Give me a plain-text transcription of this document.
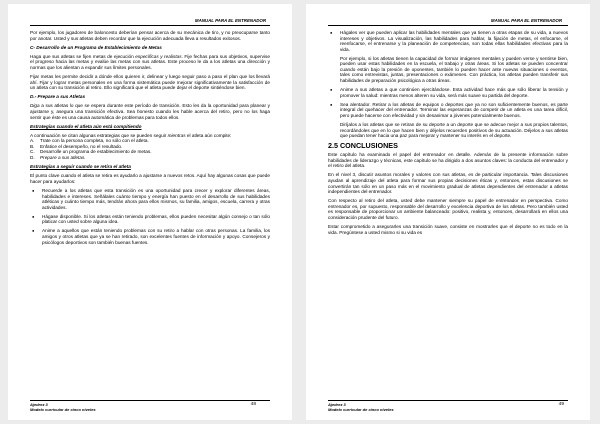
MANUAL PARA EL ENTRENADOR

Por ejemplo, los jugadores de baloncesto deberían pensar acerca de su mecánica de tiro, y no preocuparse tanto por anotar. Usted y sus atletas deben recordar que la ejecución adecuada lleva a resultados exitosos.

C- Desarrollo de un Programa de Establecimiento de Metas

Haga que sus atletas se fijen metas de ejecución específicas y realistas. Fije fechas para sus objetivos, supervise el progreso hacia las metas y evalúe las metas con sus atletas. Este proceso le da a los atletas una dirección y normas que los alientan a expandir sus límites personales.

Fijar metas les permite decidir a dónde ellos quieren ir, delinear y luego seguir paso a paso el plan que los llevará ahí. Fijar y lograr metas personales en una forma sistemática puede mejorar significativamente la satisfacción de un atleta con su transición al retiro. Ello significará que el atleta puede dejar el deporte sintiéndose bien.

D.- Prepare a sus Atletas

Diga a sus atletas lo que se espera durante este período de transición. Esto les da la oportunidad para planear y ajustarse y, asegura una transición efectiva. Sea honesto cuando les hable acerca del retiro, pero no los haga sentir que éste es una causa automática de problemas para todos ellos.

Estrategias cuando el atleta aún está compitiendo

A continuación se citan algunas estrategias que se pueden seguir mientras el atleta aún compite:

A.	Trate con la persona completa, no sólo con el atleta.
B.	Enfatice el desempeño, no el resultado.
C.	Desarrolle un programa de establecimiento de metas.
D.	Prepare a sus atletas.

Estrategias a seguir cuando se retira el atleta

El punto clave cuando el atleta se retira es ayudarlo a ajustarse a nuevos retos. Aquí hay algunas cosas que puede hacer para ayudarlos:

● Recuerde a los atletas que esta transición es una oportunidad para crecer y explorar diferentes áreas, habilidades e intereses. Señálales cuánto tiempo y energía han puesto en el desarrollo de sus habilidades atléticas y cuánto tiempo más, tendrán ahora para ellos mismos, su familia, amigos, escuela, carrera y otras actividades.
● Hágase disponible. Si los atletas están teniendo problemas, ellos pueden necesitar algún consejo o tan sólo platicar con usted sobre alguna idea.
● Anime a aquellos que están teniendo problemas con su retiro a hablar con otras personas. La familia, los amigos y otros atletas que ya se han retirado, son excelentes fuentes de información y apoyo. Consejeros y psicólogos deportivos son también buenas fuentes.
Ajedrez 3
Modelo curricular de cinco niveles
48
MANUAL PARA EL ENTRENADOR
● Hágales ver que pueden aplicar las habilidades mentales que ya tienen a otras etapas de su vida, a nuevos intereses y objetivos. La visualización, las habilidades para hablar, la fijación de metas, el enfocarse, el reenfocarse, el entrenarse y la planeación de competencias, son todas ellas habilidades efectivas para la vida.

Por ejemplo, si los atletas tienen la capacidad de formar imágenes mentales y pueden verse y sentirse bien, pueden usar estas habilidades en la escuela, el trabajo y otras áreas. Si los atletas se pueden concentrar cuando están bajo la presión de oponentes, también lo pueden hacer ante nuevas situaciones o eventos, tales como entrevistas, juntas, presentaciones o exámenes. Con práctica, los atletas pueden transferir sus habilidades de preparación psicológica a otras áreas.

● Anime a sus atletas a que continúen ejercitándose. Esta actividad hace más que sólo liberar la tensión y promover la salud: mientras menos alteren su vida, será más suave su partida del deporte.
● Sea alentador. Retirar a los atletas de equipos o deportes que ya no son suficientemente buenos, es parte integral del quehacer del entrenador. Terminar las esperanzas de competir de un atleta es una tarea difícil, pero puede hacerse con efectividad y sin desanimar a jóvenes potencialmente buenos.

Diríjalos a los atletas que se retiran de su deporte a un deporte que se adecue mejor a sus propios talentos, recordándoles que en lo que hacen bien y déjelos recuerden positivos de su actuación. Déjelos a sus atletas que puedan tener hacia una paz para mejorar y mantener su interés en el deporte.

2.5 CONCLUSIONES

Este capítulo ha examinado el papel del entrenador en detalle. Además de la presente información sobre habilidades de liderazgo y técnicas, este capítulo se ha dirigido a dos asuntos claves: la conducta del entrenador y el retiro del atleta.

En el nivel 3, discutir asuntos morales y valores con sus atletas, es de particular importancia. Tales discusiones ayudan al aprendizaje del atleta para formar sus propias decisiones éticas y, entonces, estas discusiones se convertirán tan sólo en un paso más en el movimiento gradual de atletas dependientes del entrenador a atletas independientes del entrenador.

Con respecto al retiro del atleta, usted debe mantener siempre su papel de entrenador en perspectiva. Como entrenador es, por supuesto, responsable del desarrollo y excelencia deportiva de los atletas. Pero también usted es responsable de proporcionar un ambiente balanceado: positivo, realista y, entonces, desarrollará en ellos una consideración prudente del futuro.

Estar comprometido a asegurarles una transición suave, consiste en mostrarles que el deporte no es todo en la vida. Pregúntese a usted mismo si su vida es

Ajedrez 3
Modelo curricular de cinco niveles
49
